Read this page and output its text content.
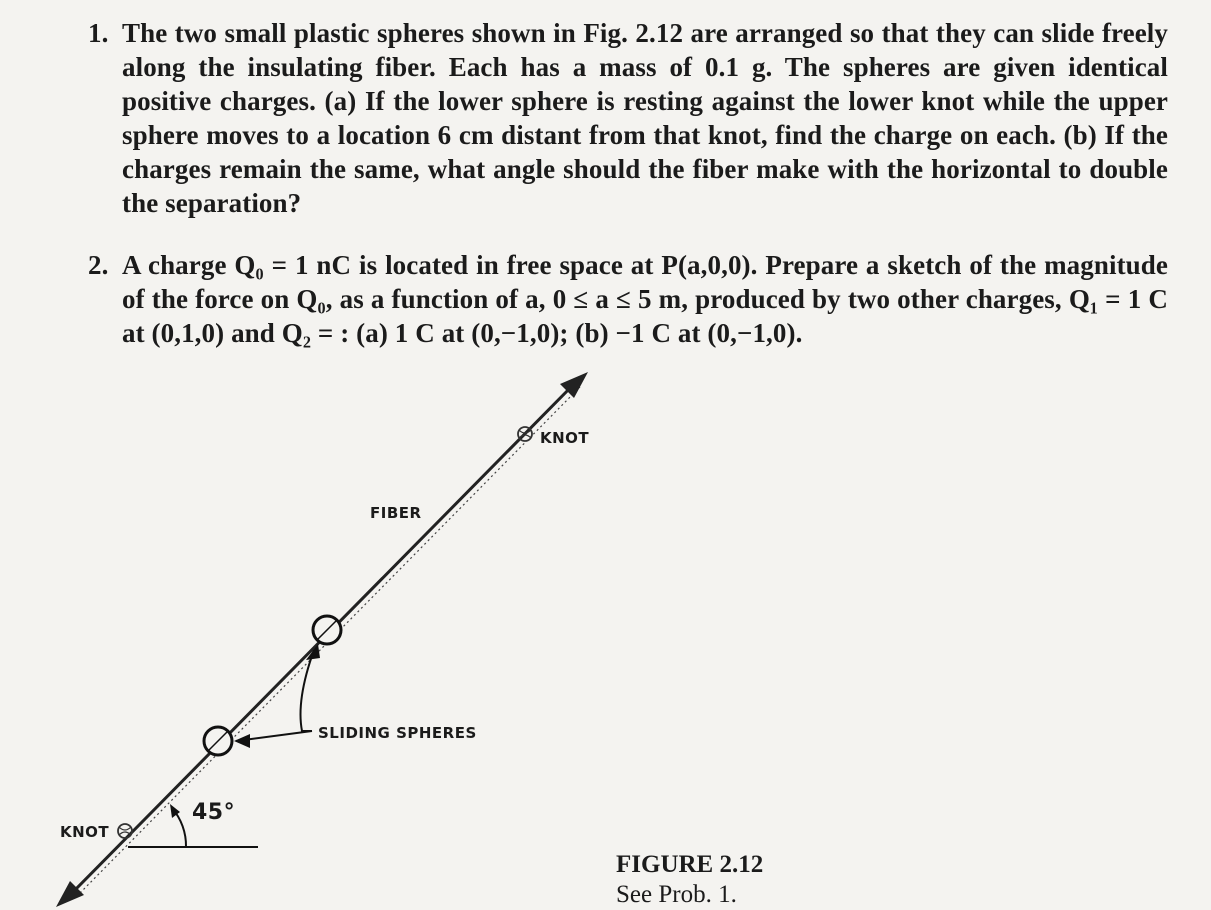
1. The two small plastic spheres shown in Fig. 2.12 are arranged so that they can slide freely along the insulating fiber. Each has a mass of 0.1 g. The spheres are given identical positive charges. (a) If the lower sphere is resting against the lower knot while the upper sphere moves to a location 6 cm distant from that knot, find the charge on each. (b) If the charges remain the same, what angle should the fiber make with the horizontal to double the separation?
2. A charge Q₀ = 1 nC is located in free space at P(a,0,0). Prepare a sketch of the magnitude of the force on Q₀, as a function of a, 0 ≤ a ≤ 5 m, produced by two other charges, Q₁ = 1 C at (0,1,0) and Q₂ = : (a) 1 C at (0,−1,0); (b) −1 C at (0,−1,0).
KNOT
FIBER
SLIDING SPHERES
KNOT
45°
FIGURE 2.12
See Prob. 1.
